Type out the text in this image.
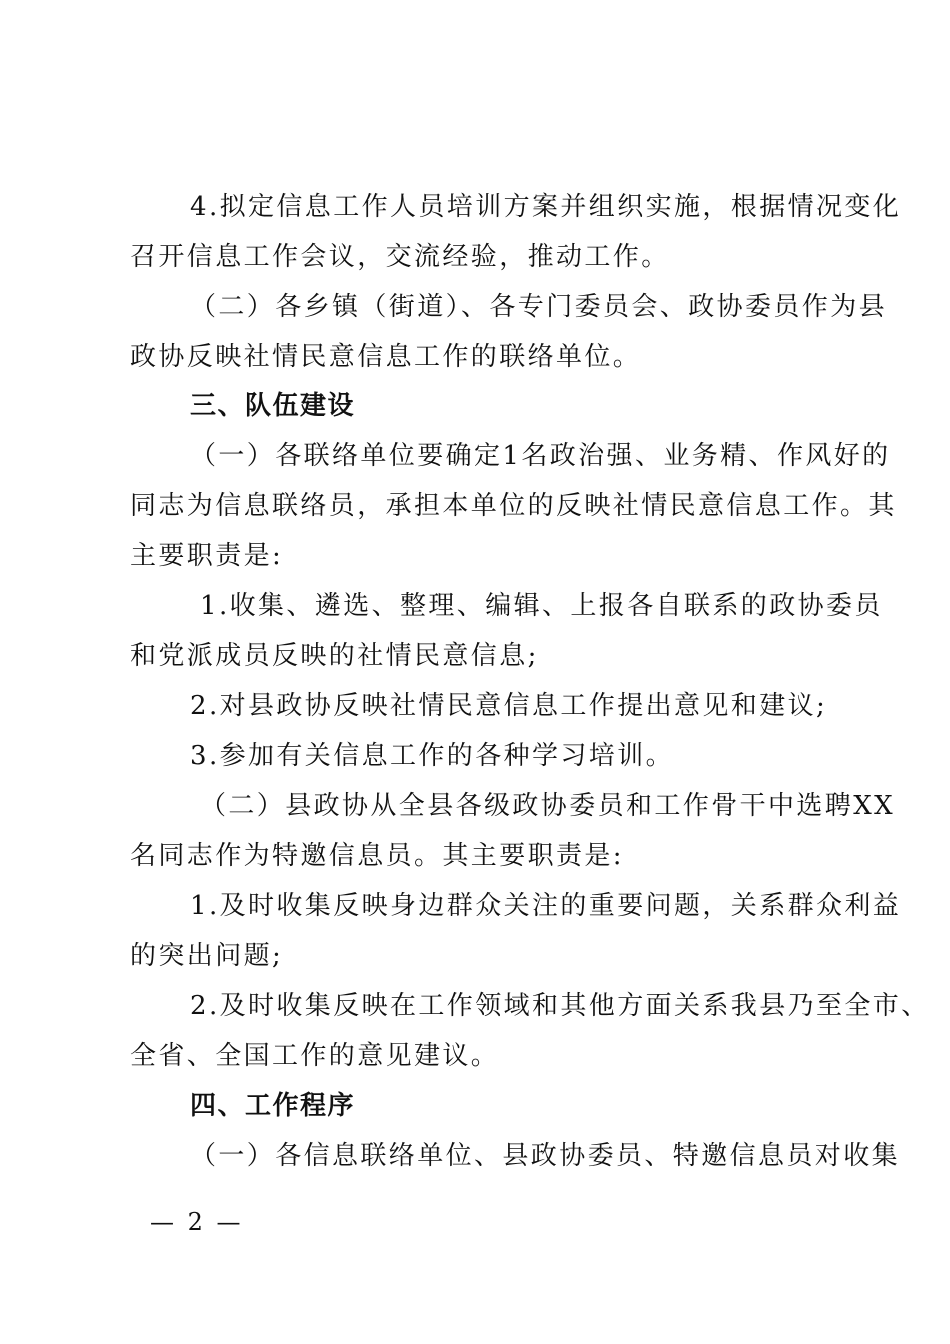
4.拟定信息工作人员培训方案并组织实施，根据情况变化
召开信息工作会议，交流经验，推动工作。
（二）各乡镇（街道）、各专门委员会、政协委员作为县
政协反映社情民意信息工作的联络单位。
三、队伍建设
（一）各联络单位要确定1名政治强、业务精、作风好的
同志为信息联络员，承担本单位的反映社情民意信息工作。其
主要职责是:
1.收集、遴选、整理、编辑、上报各自联系的政协委员
和党派成员反映的社情民意信息;
2.对县政协反映社情民意信息工作提出意见和建议;
3.参加有关信息工作的各种学习培训。
（二）县政协从全县各级政协委员和工作骨干中选聘XX
名同志作为特邀信息员。其主要职责是:
1.及时收集反映身边群众关注的重要问题，关系群众利益
的突出问题;
2.及时收集反映在工作领域和其他方面关系我县乃至全市、
全省、全国工作的意见建议。
四、工作程序
（一）各信息联络单位、县政协委员、特邀信息员对收集
— 2 —
